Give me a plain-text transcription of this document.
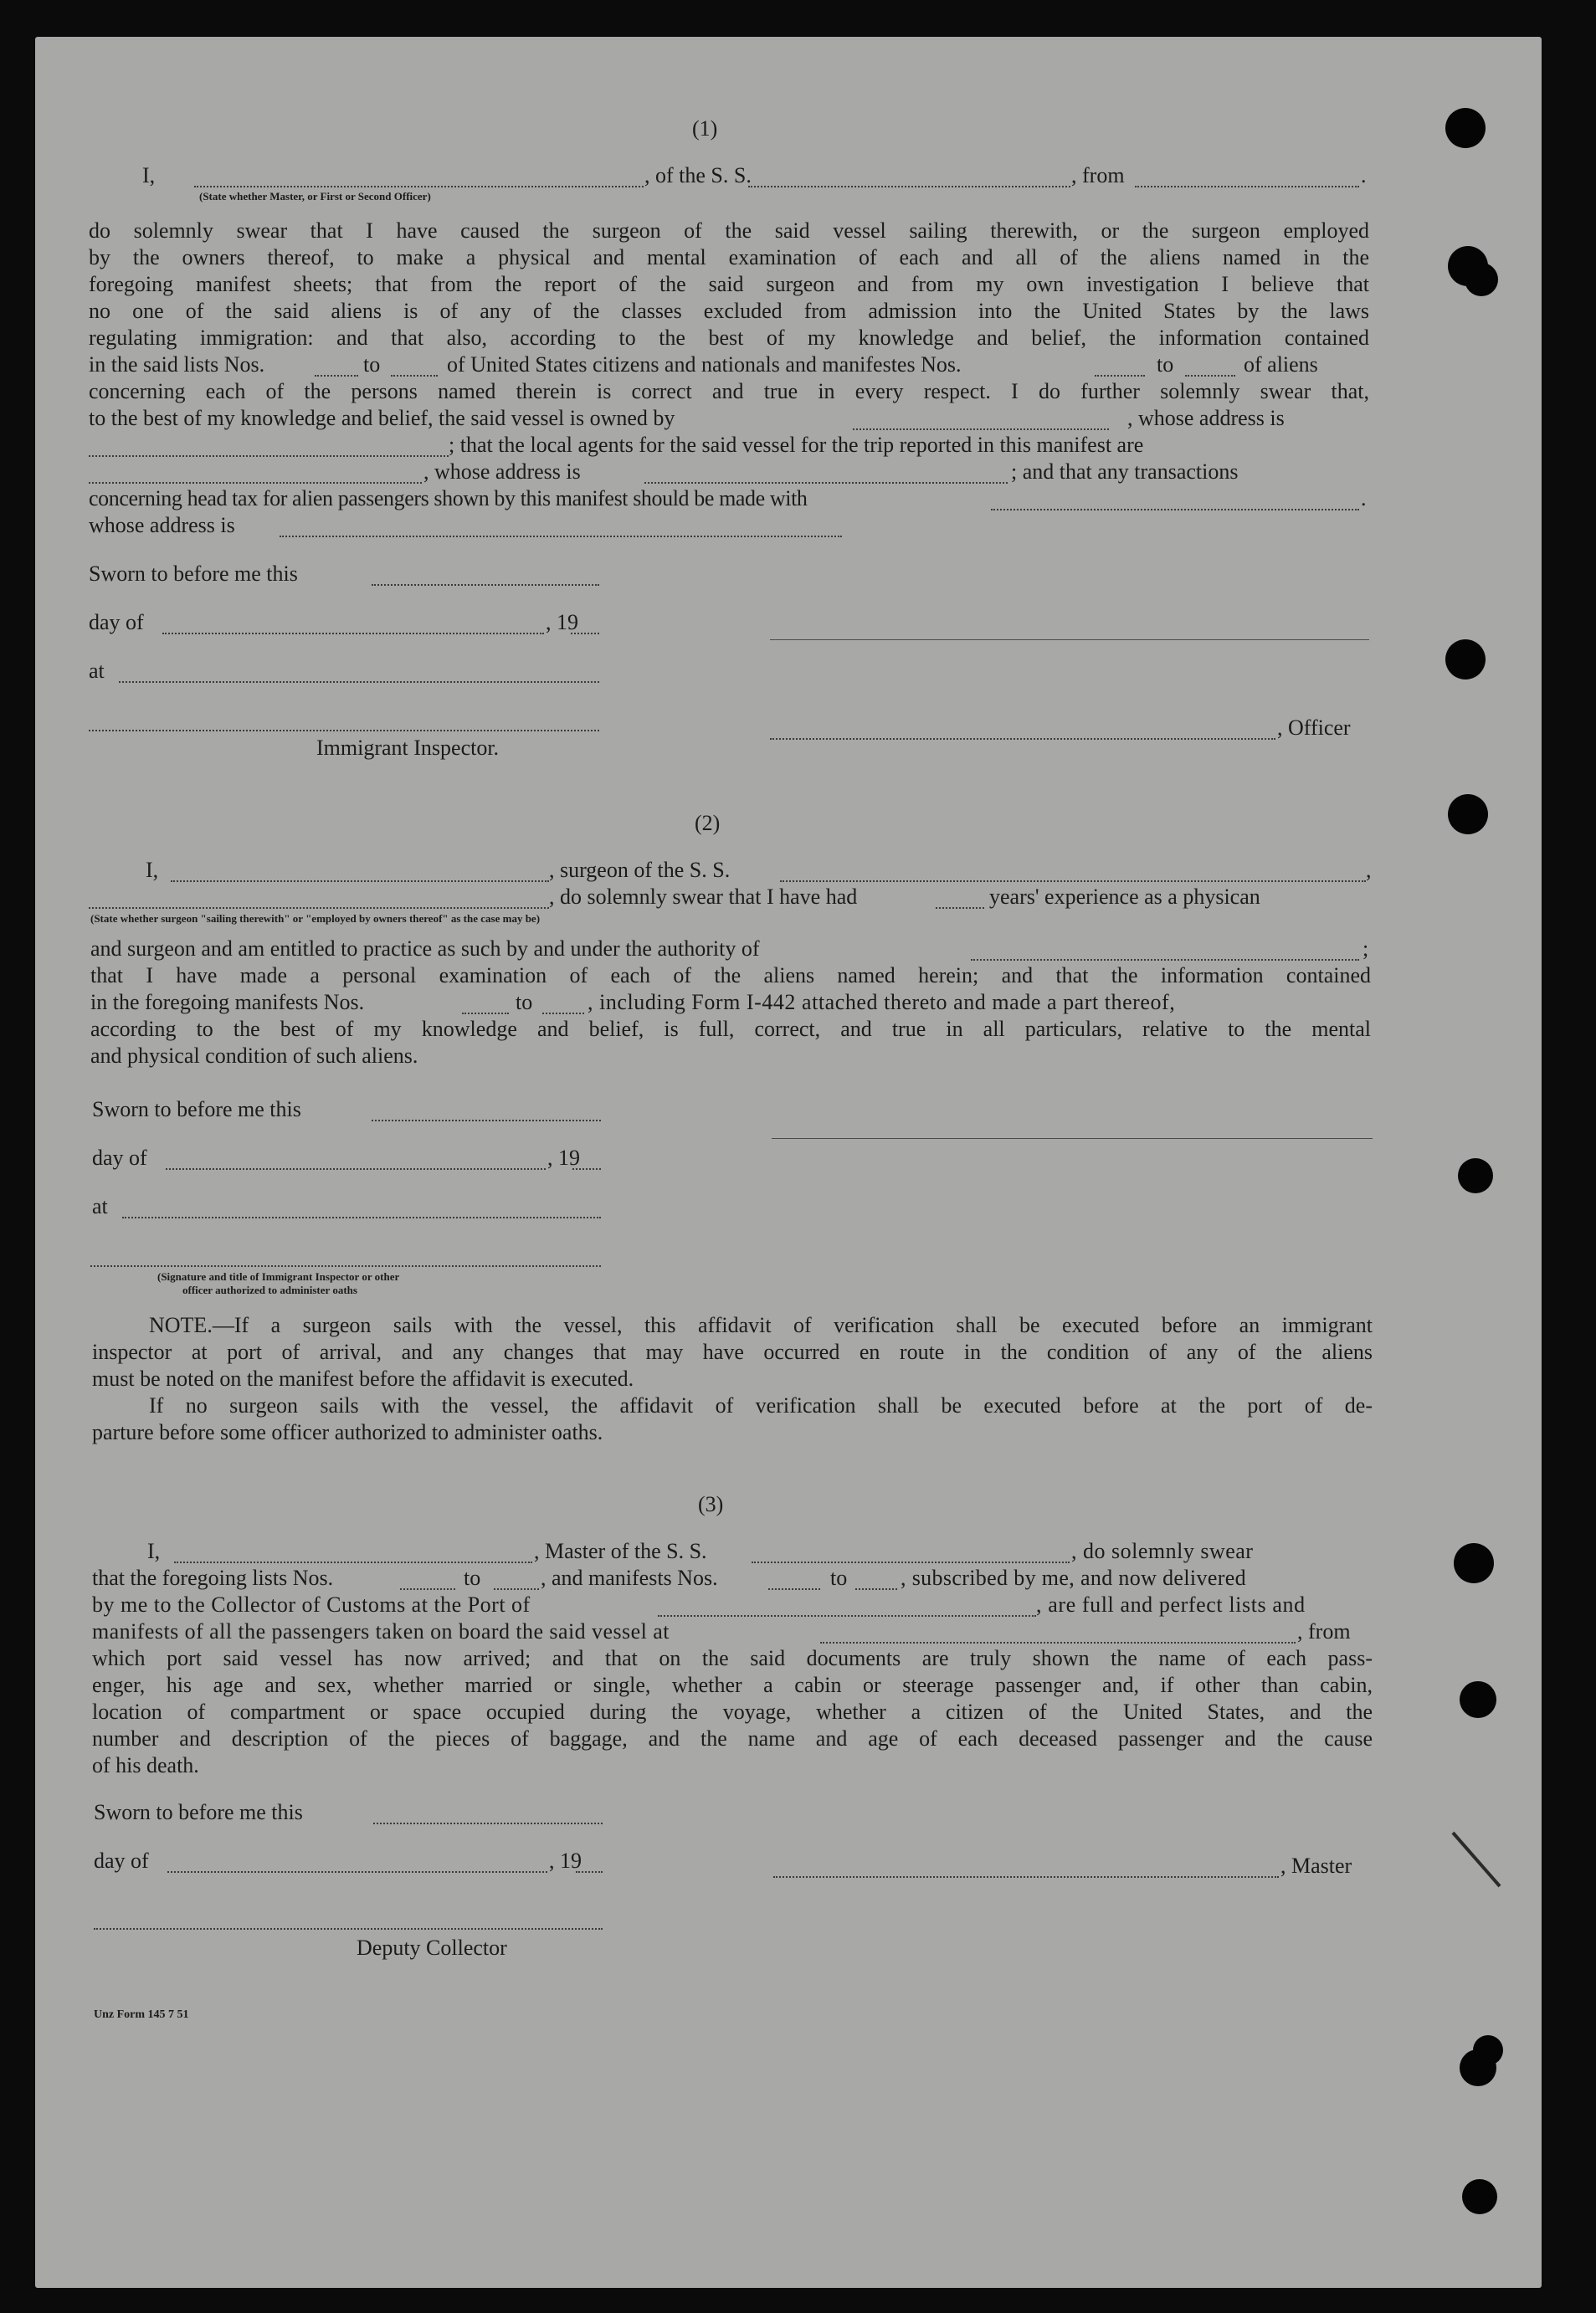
(1)
I,	, of the S. S.	, from	.
(State whether Master, or First or Second Officer)
do solemnly swear that I have caused the surgeon of the said vessel sailing therewith, or the surgeon employed
by the owners thereof, to make a physical and mental examination of each and all of the aliens named in the
foregoing manifest sheets; that from the report of the said surgeon and from my own investigation I believe that
no one of the said aliens is of any of the classes excluded from admission into the United States by the laws
regulating immigration: and that also, according to the best of my knowledge and belief, the information contained
in the said lists Nos.	to	of United States citizens and nationals and manifestes Nos.	to	of aliens
concerning each of the persons named therein is correct and true in every respect. I do further solemnly swear that,
to the best of my knowledge and belief, the said vessel is owned by	, whose address is
; that the local agents for the said vessel for the trip reported in this manifest are
, whose address is	; and that any transactions
concerning head tax for alien passengers shown by this manifest should be made with	.
whose address is
Sworn to before me this
day of	, 19
at
, Officer
Immigrant Inspector.
(2)
I,	, surgeon of the S. S.	,
, do solemnly swear that I have had	years' experience as a physican
(State whether surgeon "sailing therewith" or "employed by owners thereof" as the case may be)
and surgeon and am entitled to practice as such by and under the authority of	;
that I have made a personal examination of each of the aliens named herein; and that the information contained
in the foregoing manifests Nos.	to	, including Form I-442 attached thereto and made a part thereof,
according to the best of my knowledge and belief, is full, correct, and true in all particulars, relative to the mental
and physical condition of such aliens.
Sworn to before me this
day of	, 19
at
(Signature and title of Immigrant Inspector or other
officer authorized to administer oaths
NOTE.—If a surgeon sails with the vessel, this affidavit of verification shall be executed before an immigrant
inspector at port of arrival, and any changes that may have occurred en route in the condition of any of the aliens
must be noted on the manifest before the affidavit is executed.
If no surgeon sails with the vessel, the affidavit of verification shall be executed before at the port of de-
parture before some officer authorized to administer oaths.
(3)
I,	, Master of the S. S.	, do solemnly swear
that the foregoing lists Nos.	to	, and manifests Nos.	to , subscribed by me, and now delivered
by me to the Collector of Customs at the Port of	, are full and perfect lists and
manifests of all the passengers taken on board the said vessel at	, from
which port said vessel has now arrived; and that on the said documents are truly shown the name of each pass-
enger, his age and sex, whether married or single, whether a cabin or steerage passenger and, if other than cabin,
location of compartment or space occupied during the voyage, whether a citizen of the United States, and the
number and description of the pieces of baggage, and the name and age of each deceased passenger and the cause
of his death.
Sworn to before me this
day of	, 19	, Master
Deputy Collector
Unz Form 145 7 51
